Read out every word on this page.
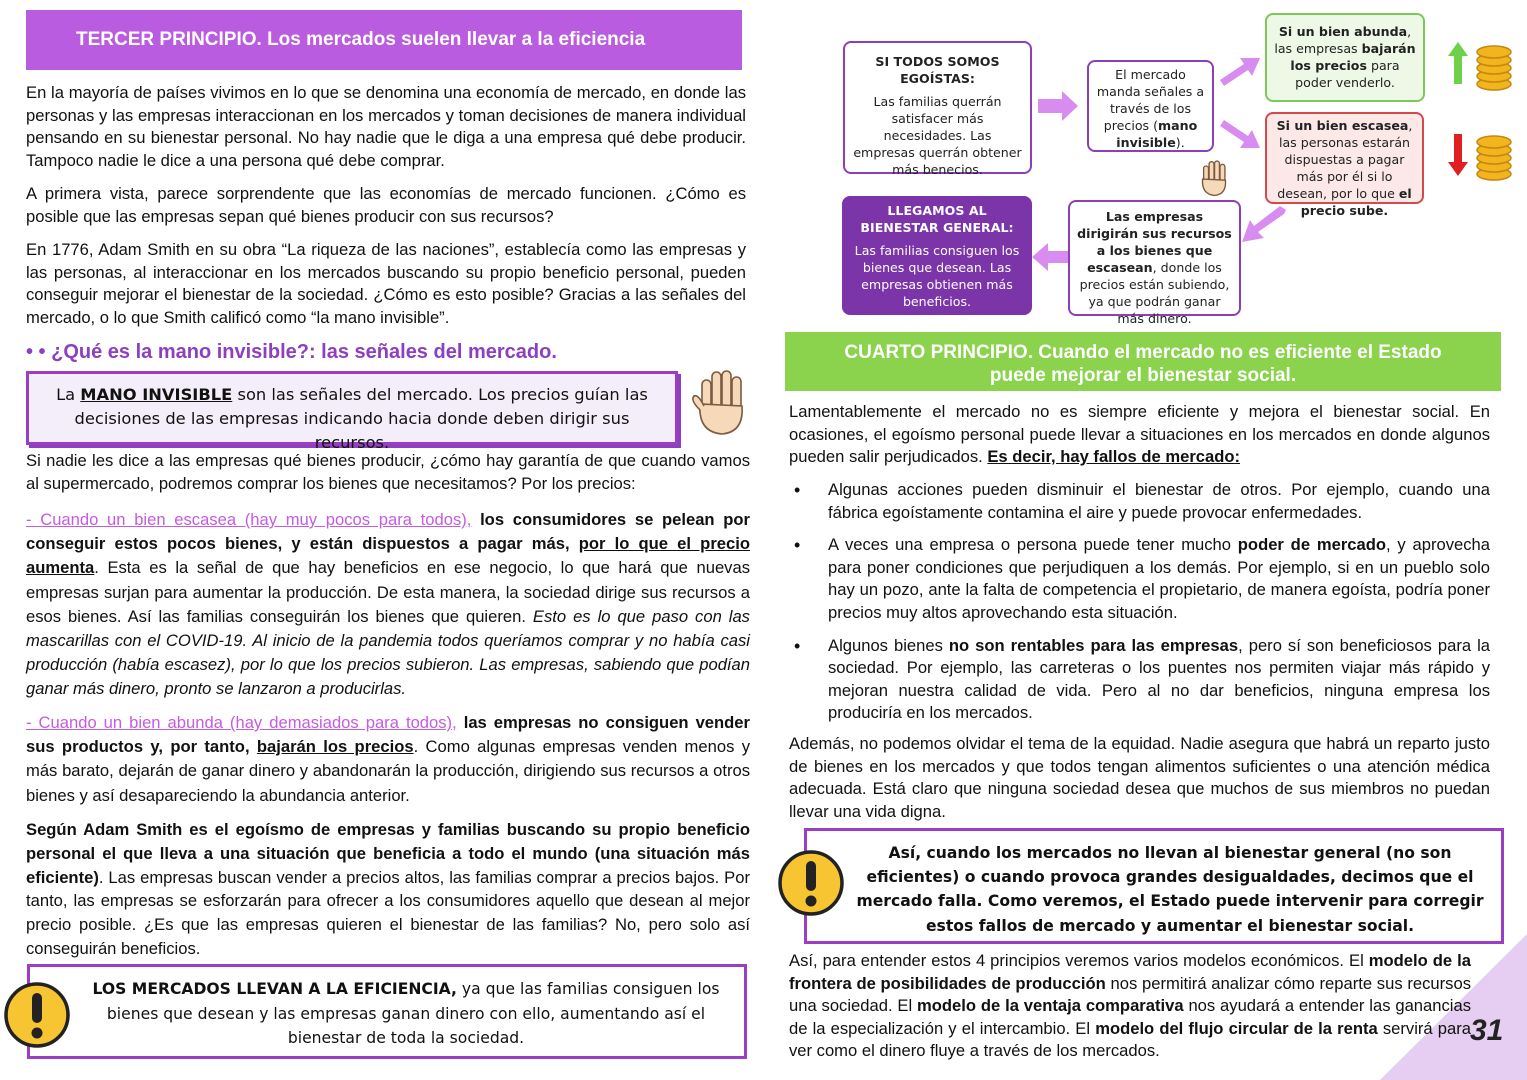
TERCER PRINCIPIO. Los mercados suelen llevar a la eficiencia

En la mayoría de países vivimos en lo que se denomina una economía de mercado, en donde las personas y las empresas interaccionan en los mercados y toman decisiones de manera individual pensando en su bienestar personal. No hay nadie que le diga a una empresa qué debe producir. Tampoco nadie le dice a una persona qué debe comprar.

A primera vista, parece sorprendente que las economías de mercado funcionen. ¿Cómo es posible que las empresas sepan qué bienes producir con sus recursos?

En 1776, Adam Smith en su obra “La riqueza de las naciones”, establecía como las empresas y las personas, al interaccionar en los mercados buscando su propio beneficio personal, pueden conseguir mejorar el bienestar de la sociedad. ¿Cómo es esto posible? Gracias a las señales del mercado, o lo que Smith calificó como “la mano invisible”.

• • ¿Qué es la mano invisible?: las señales del mercado.
La MANO INVISIBLE son las señales del mercado. Los precios guían las decisiones de las empresas indicando hacia donde deben dirigir sus recursos.

Si nadie les dice a las empresas qué bienes producir, ¿cómo hay garantía de que cuando vamos al supermercado, podremos comprar los bienes que necesitamos? Por los precios:

- Cuando un bien escasea (hay muy pocos para todos), los consumidores se pelean por conseguir estos pocos bienes, y están dispuestos a pagar más, por lo que el precio aumenta. Esta es la señal de que hay beneficios en ese negocio, lo que hará que nuevas empresas surjan para aumentar la producción. De esta manera, la sociedad dirige sus recursos a esos bienes. Así las familias conseguirán los bienes que quieren. Esto es lo que paso con las mascarillas con el COVID-19. Al inicio de la pandemia todos queríamos comprar y no había casi producción (había escasez), por lo que los precios subieron. Las empresas, sabiendo que podían ganar más dinero, pronto se lanzaron a producirlas.

- Cuando un bien abunda (hay demasiados para todos), las empresas no consiguen vender sus productos y, por tanto, bajarán los precios. Como algunas empresas venden menos y más barato, dejarán de ganar dinero y abandonarán la producción, dirigiendo sus recursos a otros bienes y así desapareciendo la abundancia anterior.

Según Adam Smith es el egoísmo de empresas y familias buscando su propio beneficio personal el que lleva a una situación que beneficia a todo el mundo (una situación más eficiente). Las empresas buscan vender a precios altos, las familias comprar a precios bajos. Por tanto, las empresas se esforzarán para ofrecer a los consumidores aquello que desean al mejor precio posible. ¿Es que las empresas quieren el bienestar de las familias? No, pero solo así conseguirán beneficios.

LOS MERCADOS LLEVAN A LA EFICIENCIA, ya que las familias consiguen los bienes que desean y las empresas ganan dinero con ello, aumentando así el bienestar de toda la sociedad.
SI TODOS SOMOS EGOÍSTAS:
Las familias querrán satisfacer más necesidades. Las empresas querrán obtener más benecios.
El mercado manda señales a través de los precios (mano invisible).
Si un bien abunda, las empresas bajarán los precios para poder venderlo.
Si un bien escasea, las personas estarán dispuestas a pagar más por él si lo desean, por lo que el precio sube.
Las empresas dirigirán sus recursos a los bienes que escasean, donde los precios están subiendo, ya que podrán ganar más dinero.
LLEGAMOS AL BIENESTAR GENERAL:
Las familias consiguen los bienes que desean. Las empresas obtienen más beneficios.
CUARTO PRINCIPIO. Cuando el mercado no es eficiente el Estado
puede mejorar el bienestar social.

Lamentablemente el mercado no es siempre eficiente y mejora el bienestar social. En ocasiones, el egoísmo personal puede llevar a situaciones en los mercados en donde algunos pueden salir perjudicados. Es decir, hay fallos de mercado:

• Algunas acciones pueden disminuir el bienestar de otros. Por ejemplo, cuando una fábrica egoístamente contamina el aire y puede provocar enfermedades.
• A veces una empresa o persona puede tener mucho poder de mercado, y aprovecha para poner condiciones que perjudiquen a los demás. Por ejemplo, si en un pueblo solo hay un pozo, ante la falta de competencia el propietario, de manera egoísta, podría poner precios muy altos aprovechando esta situación.
• Algunos bienes no son rentables para las empresas, pero sí son beneficiosos para la sociedad. Por ejemplo, las carreteras o los puentes nos permiten viajar más rápido y mejoran nuestra calidad de vida. Pero al no dar beneficios, ninguna empresa los produciría en los mercados.

Además, no podemos olvidar el tema de la equidad. Nadie asegura que habrá un reparto justo de bienes en los mercados y que todos tengan alimentos suficientes o una atención médica adecuada. Está claro que ninguna sociedad desea que muchos de sus miembros no puedan llevar una vida digna.

Así, cuando los mercados no llevan al bienestar general (no son eficientes) o cuando provoca grandes desigualdades, decimos que el mercado falla. Como veremos, el Estado puede intervenir para corregir estos fallos de mercado y aumentar el bienestar social.

Así, para entender estos 4 principios veremos varios modelos económicos. El modelo de la frontera de posibilidades de producción nos permitirá analizar cómo reparte sus recursos una sociedad. El modelo de la ventaja comparativa nos ayudará a entender las ganancias de la especialización y el intercambio. El modelo del flujo circular de la renta servirá para ver como el dinero fluye a través de los mercados.

31
